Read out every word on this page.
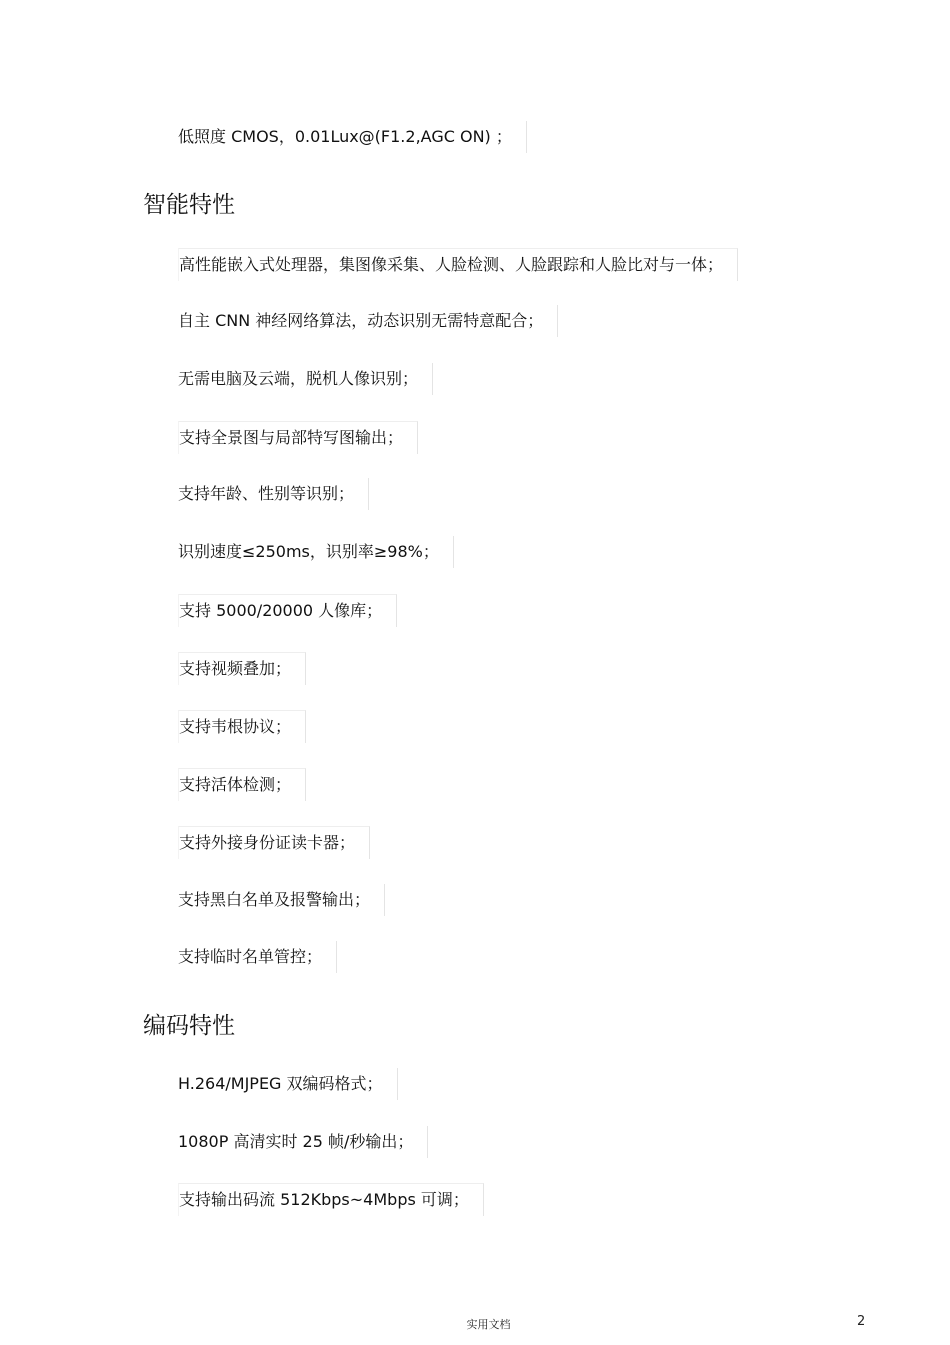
低照度 CMOS，0.01Lux@(F1.2,AGC ON) ；
智能特性
高性能嵌入式处理器，集图像采集、人脸检测、人脸跟踪和人脸比对与一体；
自主 CNN 神经网络算法，动态识别无需特意配合；
无需电脑及云端，脱机人像识别；
支持全景图与局部特写图输出；
支持年龄、性别等识别；
识别速度≤250ms，识别率≥98%；
支持 5000/20000 人像库；
支持视频叠加；
支持韦根协议；
支持活体检测；
支持外接身份证读卡器；
支持黑白名单及报警输出；
支持临时名单管控；
编码特性
H.264/MJPEG 双编码格式；
1080P 高清实时 25 帧/秒输出；
支持输出码流 512Kbps~4Mbps 可调；
实用文档	2
